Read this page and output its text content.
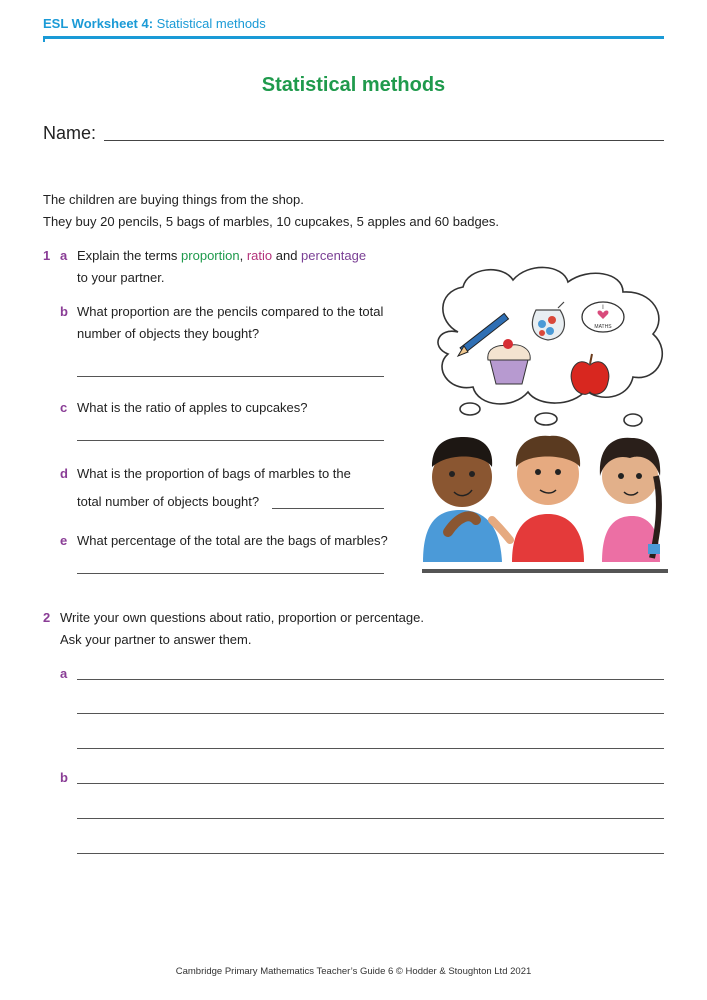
ESL Worksheet 4: Statistical methods
Statistical methods
Name:
The children are buying things from the shop.
They buy 20 pencils, 5 bags of marbles, 10 cupcakes, 5 apples and 60 badges.
1 a Explain the terms proportion, ratio and percentage
to your partner.
b What proportion are the pencils compared to the total
number of objects they bought?
c What is the ratio of apples to cupcakes?
d What is the proportion of bags of marbles to the
total number of objects bought?
e What percentage of the total are the bags of marbles?
I
MATHS
2 Write your own questions about ratio, proportion or percentage.
Ask your partner to answer them.
a
b
Cambridge Primary Mathematics Teacher’s Guide 6 © Hodder & Stoughton Ltd 2021
